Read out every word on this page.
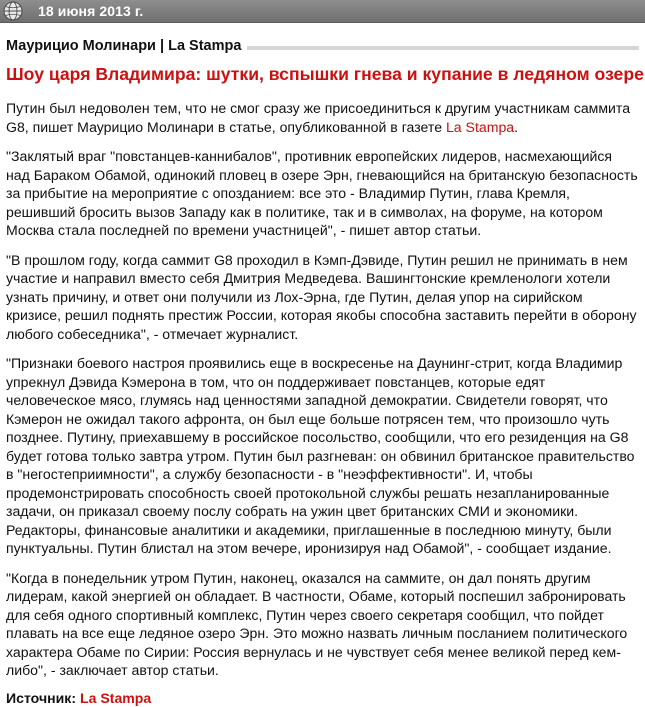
18 июня 2013 г.
Маурицио Молинари | La Stampa
Шоу царя Владимира: шутки, вспышки гнева и купание в ледяном озере

Путин был недоволен тем, что не смог сразу же присоединиться к другим участникам саммита G8, пишет Маурицио Молинари в статье, опубликованной в газете La Stampa.

"Заклятый враг "повстанцев-каннибалов", противник европейских лидеров, насмехающийся над Бараком Обамой, одинокий пловец в озере Эрн, гневающийся на британскую безопасность за прибытие на мероприятие с опозданием: все это - Владимир Путин, глава Кремля, решивший бросить вызов Западу как в политике, так и в символах, на форуме, на котором Москва стала последней по времени участницей", - пишет автор статьи.

"В прошлом году, когда саммит G8 проходил в Кэмп-Дэвиде, Путин решил не принимать в нем участие и направил вместо себя Дмитрия Медведева. Вашингтонские кремленологи хотели узнать причину, и ответ они получили из Лох-Эрна, где Путин, делая упор на сирийском кризисе, решил поднять престиж России, которая якобы способна заставить перейти в оборону любого собеседника", - отмечает журналист.

"Признаки боевого настроя проявились еще в воскресенье на Даунинг-стрит, когда Владимир упрекнул Дэвида Кэмерона в том, что он поддерживает повстанцев, которые едят человеческое мясо, глумясь над ценностями западной демократии. Свидетели говорят, что Кэмерон не ожидал такого афронта, он был еще больше потрясен тем, что произошло чуть позднее. Путину, приехавшему в российское посольство, сообщили, что его резиденция на G8 будет готова только завтра утром. Путин был разгневан: он обвинил британское правительство в "негостеприимности", а службу безопасности - в "неэффективности". И, чтобы продемонстрировать способность своей протокольной службы решать незапланированные задачи, он приказал своему послу собрать на ужин цвет британских СМИ и экономики. Редакторы, финансовые аналитики и академики, приглашенные в последнюю минуту, были пунктуальны. Путин блистал на этом вечере, иронизируя над Обамой", - сообщает издание.

"Когда в понедельник утром Путин, наконец, оказался на саммите, он дал понять другим лидерам, какой энергией он обладает. В частности, Обаме, который поспешил забронировать для себя одного спортивный комплекс, Путин через своего секретаря сообщил, что пойдет плавать на все еще ледяное озеро Эрн. Это можно назвать личным посланием политического характера Обаме по Сирии: Россия вернулась и не чувствует себя менее великой перед кем-либо", - заключает автор статьи.

Источник: La Stampa
